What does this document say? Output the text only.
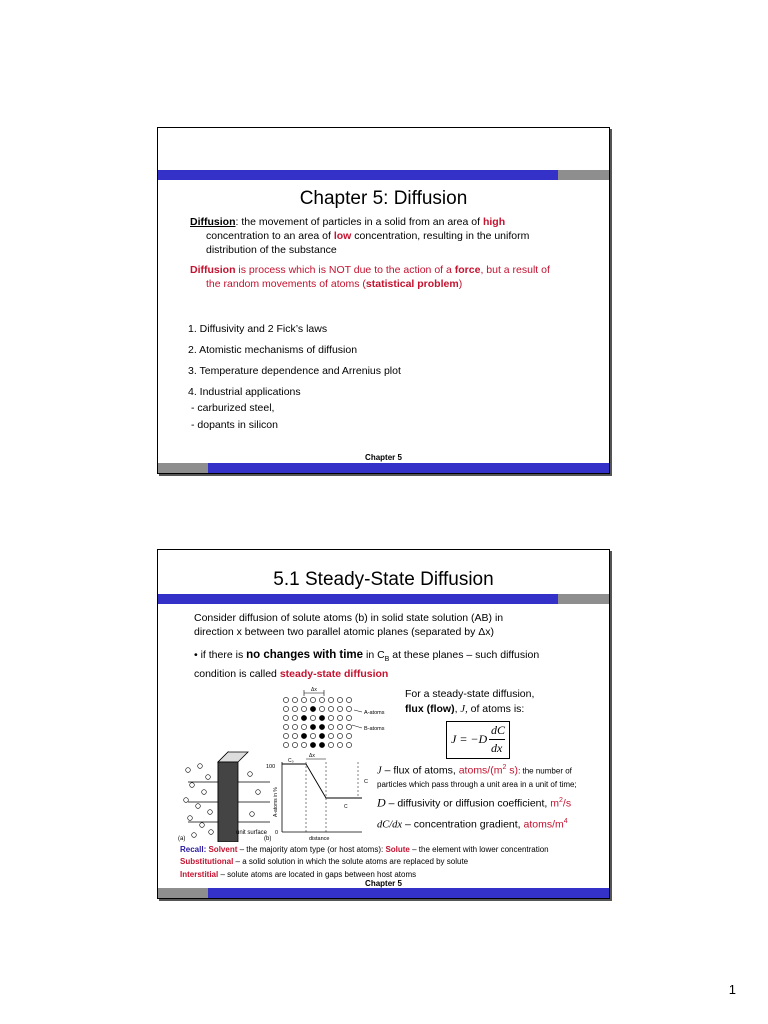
Chapter 5: Diffusion
Diffusion: the movement of particles in a solid from an area of high
concentration to an area of low concentration, resulting in the uniform
distribution of the substance
Diffusion is process which is NOT due to the action of a force, but a result of
the random movements of atoms (statistical problem)
1. Diffusivity and 2 Fick’s laws
2. Atomistic mechanisms of diffusion
3. Temperature dependence and Arrenius plot
4. Industrial applications
- carburized steel,
- dopants in silicon
Chapter 5
5.1 Steady-State Diffusion
Consider diffusion of solute atoms (b) in solid state solution (AB) in
direction x between two parallel atomic planes (separated by Δx)
• if there is no changes with time in $C_B$ at these planes – such diffusion
condition is called steady-state diffusion
(a)
unit surface
Δx
A-atoms
B-atoms
100
0
Δx
C₀
C
C
A-atoms in %
distance
(b)
For a steady-state diffusion,
flux (flow), J, of atoms is:
J = −D
dC
dx
J – flux of atoms, atoms/($m^2$ s): the number of
particles which pass through a unit area in a unit of time;
D – diffusivity or diffusion coefficient, $m^2/s$
dC/dx – concentration gradient, atoms/$m^4$
Recall: Solvent – the majority atom type (or host atoms): Solute – the element with lower concentration
Substitutional – a solid solution in which the solute atoms are replaced by solute
Interstitial – solute atoms are located in gaps between host atoms
Chapter 5
1
